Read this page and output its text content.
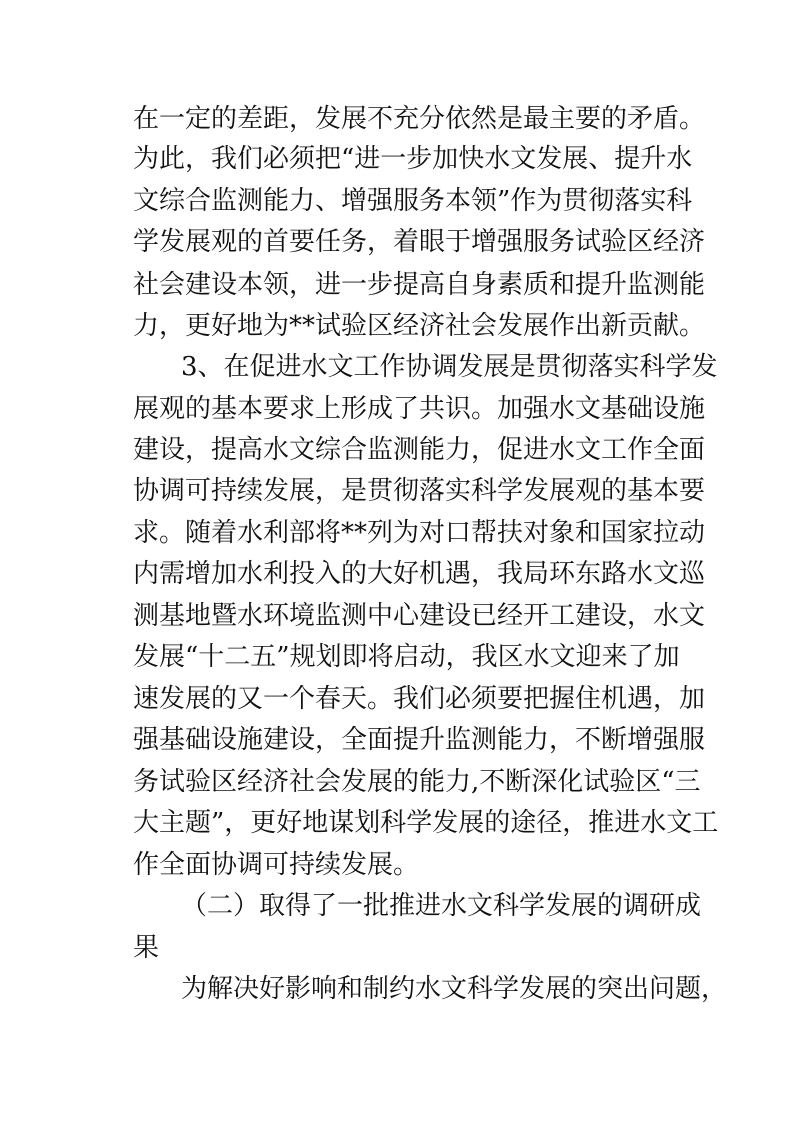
在一定的差距，发展不充分依然是最主要的矛盾。
为此，我们必须把“进一步加快水文发展、提升水
文综合监测能力、增强服务本领”作为贯彻落实科
学发展观的首要任务，着眼于增强服务试验区经济
社会建设本领，进一步提高自身素质和提升监测能
力，更好地为**试验区经济社会发展作出新贡献。
3、在促进水文工作协调发展是贯彻落实科学发
展观的基本要求上形成了共识。加强水文基础设施
建设，提高水文综合监测能力，促进水文工作全面
协调可持续发展，是贯彻落实科学发展观的基本要
求。随着水利部将**列为对口帮扶对象和国家拉动
内需增加水利投入的大好机遇，我局环东路水文巡
测基地暨水环境监测中心建设已经开工建设，水文
发展“十二五”规划即将启动，我区水文迎来了加
速发展的又一个春天。我们必须要把握住机遇，加
强基础设施建设，全面提升监测能力，不断增强服
务试验区经济社会发展的能力,不断深化试验区“三
大主题”，更好地谋划科学发展的途径，推进水文工
作全面协调可持续发展。
（二）取得了一批推进水文科学发展的调研成
果
为解决好影响和制约水文科学发展的突出问题，
